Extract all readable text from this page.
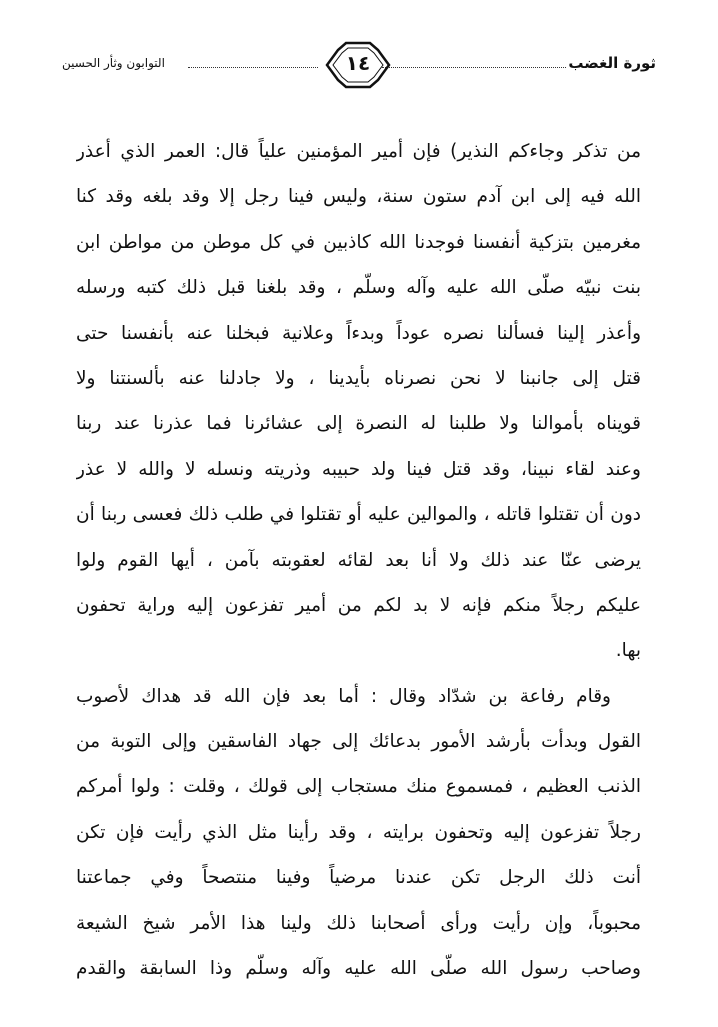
ثورة الغضب
١٤
التوابون وثأر الحسين
من تذكر وجاءكم النذير) فإن أمير المؤمنين علياً قال: العمر الذي أعذر
الله فيه إلى ابن آدم ستون سنة، وليس فينا رجل إلا وقد بلغه وقد كنا
مغرمين بتزكية أنفسنا فوجدنا الله كاذبين في كل موطن من مواطن ابن
بنت نبيّه صلّى الله عليه وآله وسلّم ، وقد بلغنا قبل ذلك كتبه ورسله
وأعذر إلينا فسألنا نصره عوداً وبدءاً وعلانية فبخلنا عنه بأنفسنا حتى
قتل إلى جانبنا لا نحن نصرناه بأيدينا ، ولا جادلنا عنه بألسنتنا ولا
قويناه بأموالنا ولا طلبنا له النصرة إلى عشائرنا فما عذرنا عند ربنا
وعند لقاء نبينا، وقد قتل فينا ولد حبيبه وذريته ونسله لا والله لا عذر
دون أن تقتلوا قاتله ، والموالين عليه أو تقتلوا في طلب ذلك فعسى ربنا أن
يرضى عنّا عند ذلك ولا أنا بعد لقائه لعقوبته بآمن ، أيها القوم ولوا
عليكم رجلاً منكم فإنه لا بد لكم من أمير تفزعون إليه وراية تحفون
بها.
وقام رفاعة بن شدّاد وقال : أما بعد فإن الله قد هداك لأصوب
القول وبدأت بأرشد الأمور بدعائك إلى جهاد الفاسقين وإلى التوبة من
الذنب العظيم ، فمسموع منك مستجاب إلى قولك ، وقلت : ولوا أمركم
رجلاً تفزعون إليه وتحفون برايته ، وقد رأينا مثل الذي رأيت فإن تكن
أنت ذلك الرجل تكن عندنا مرضياً وفينا منتصحاً وفي جماعتنا
محبوباً، وإن رأيت ورأى أصحابنا ذلك ولينا هذا الأمر شيخ الشيعة
وصاحب رسول الله صلّى الله عليه وآله وسلّم وذا السابقة والقدم
